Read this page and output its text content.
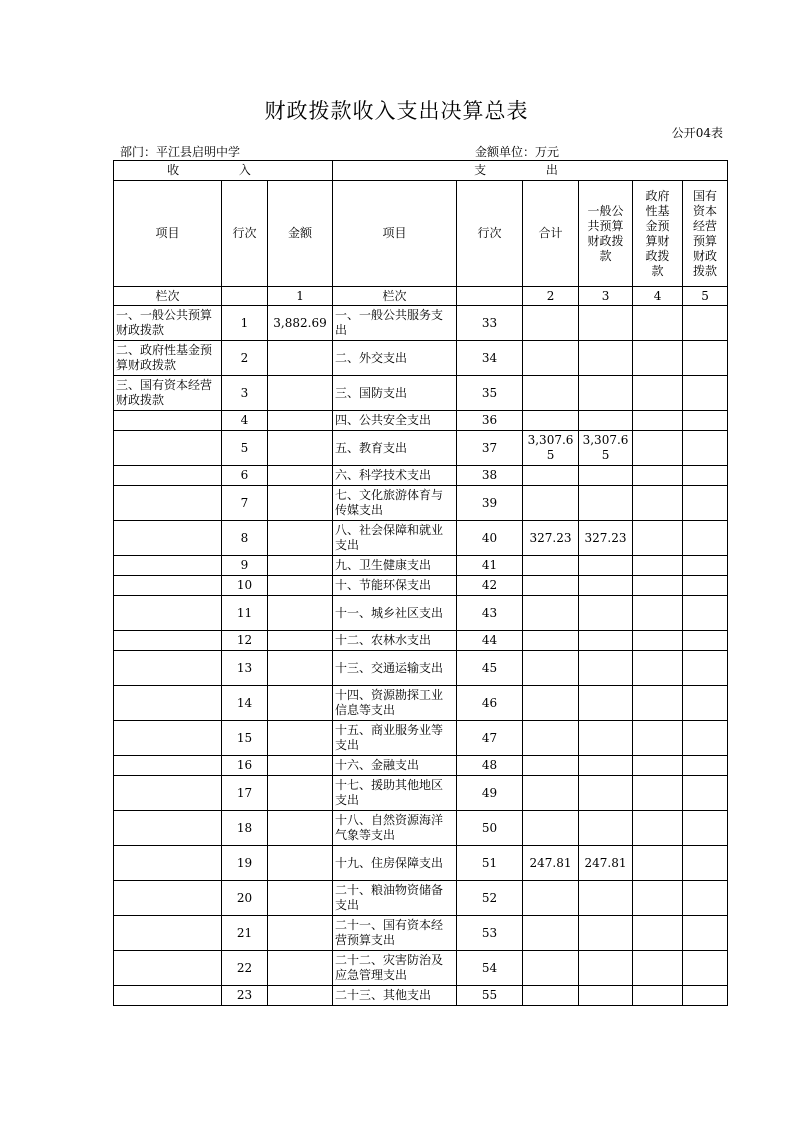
财政拨款收入支出决算总表
公开04表
部门：平江县启明中学	金额单位：万元
收 入			支 出					
项目	行次	金额	项目	行次	合计	一般公共预算财政拨款	政府性基金预算财政拨款	国有资本经营预算财政拨款
栏次		1	栏次		2	3	4	5
一、一般公共预算财政拨款	1	3,882.69	一、一般公共服务支出	33				
二、政府性基金预算财政拨款	2		二、外交支出	34				
三、国有资本经营财政拨款	3		三、国防支出	35				
	4		四、公共安全支出	36				
	5		五、教育支出	37	3,307.65	3,307.65		
	6		六、科学技术支出	38				
	7		七、文化旅游体育与传媒支出	39				
	8		八、社会保障和就业支出	40	327.23	327.23		
	9		九、卫生健康支出	41				
	10		十、节能环保支出	42				
	11		十一、城乡社区支出	43				
	12		十二、农林水支出	44				
	13		十三、交通运输支出	45				
	14		十四、资源勘探工业信息等支出	46				
	15		十五、商业服务业等支出	47				
	16		十六、金融支出	48				
	17		十七、援助其他地区支出	49				
	18		十八、自然资源海洋气象等支出	50				
	19		十九、住房保障支出	51	247.81	247.81		
	20		二十、粮油物资储备支出	52				
	21		二十一、国有资本经营预算支出	53				
	22		二十二、灾害防治及应急管理支出	54				
	23		二十三、其他支出	55				
